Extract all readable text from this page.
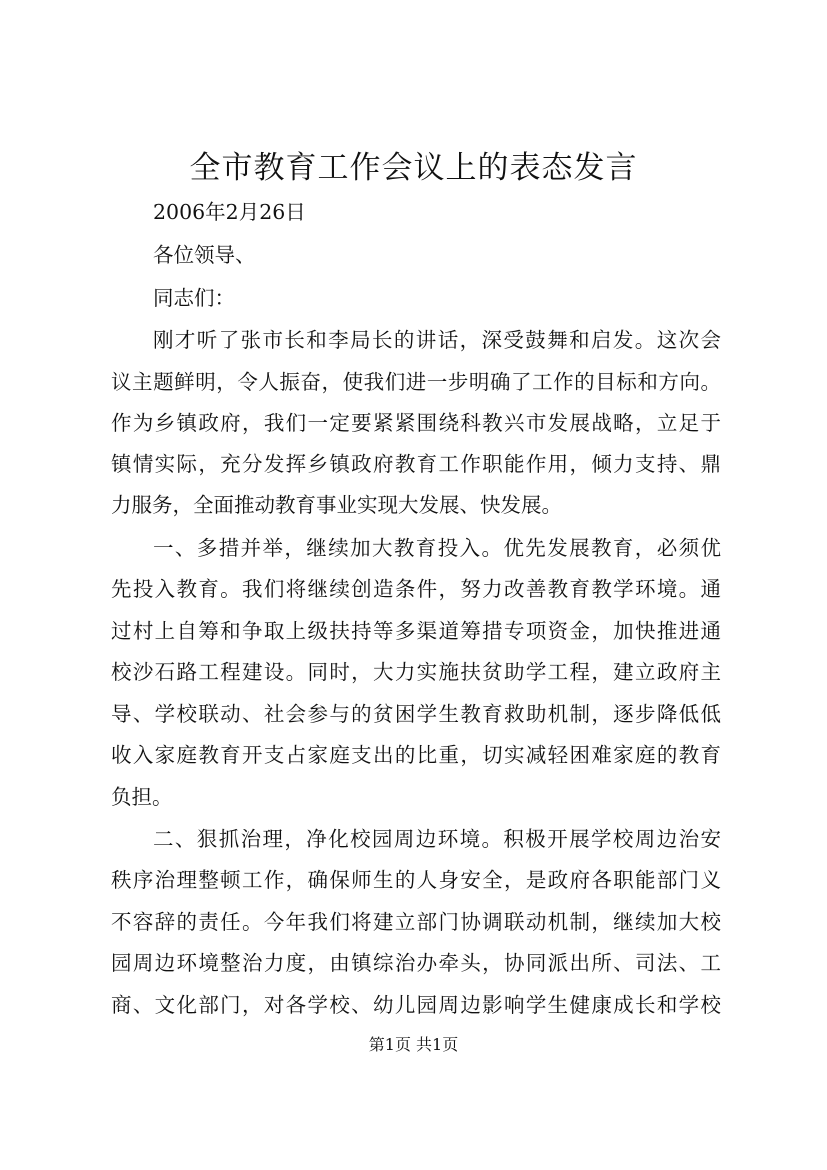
全市教育工作会议上的表态发言
2006年2月26日
各位领导、
同志们：
刚才听了张市长和李局长的讲话，深受鼓舞和启发。这次会
议主题鲜明，令人振奋，使我们进一步明确了工作的目标和方向。
作为乡镇政府，我们一定要紧紧围绕科教兴市发展战略，立足于
镇情实际，充分发挥乡镇政府教育工作职能作用，倾力支持、鼎
力服务，全面推动教育事业实现大发展、快发展。
一、多措并举，继续加大教育投入。优先发展教育，必须优
先投入教育。我们将继续创造条件，努力改善教育教学环境。通
过村上自筹和争取上级扶持等多渠道筹措专项资金，加快推进通
校沙石路工程建设。同时，大力实施扶贫助学工程，建立政府主
导、学校联动、社会参与的贫困学生教育救助机制，逐步降低低
收入家庭教育开支占家庭支出的比重，切实减轻困难家庭的教育
负担。
二、狠抓治理，净化校园周边环境。积极开展学校周边治安
秩序治理整顿工作，确保师生的人身安全，是政府各职能部门义
不容辞的责任。今年我们将建立部门协调联动机制，继续加大校
园周边环境整治力度，由镇综治办牵头，协同派出所、司法、工
商、文化部门，对各学校、幼儿园周边影响学生健康成长和学校
第1页 共1页
